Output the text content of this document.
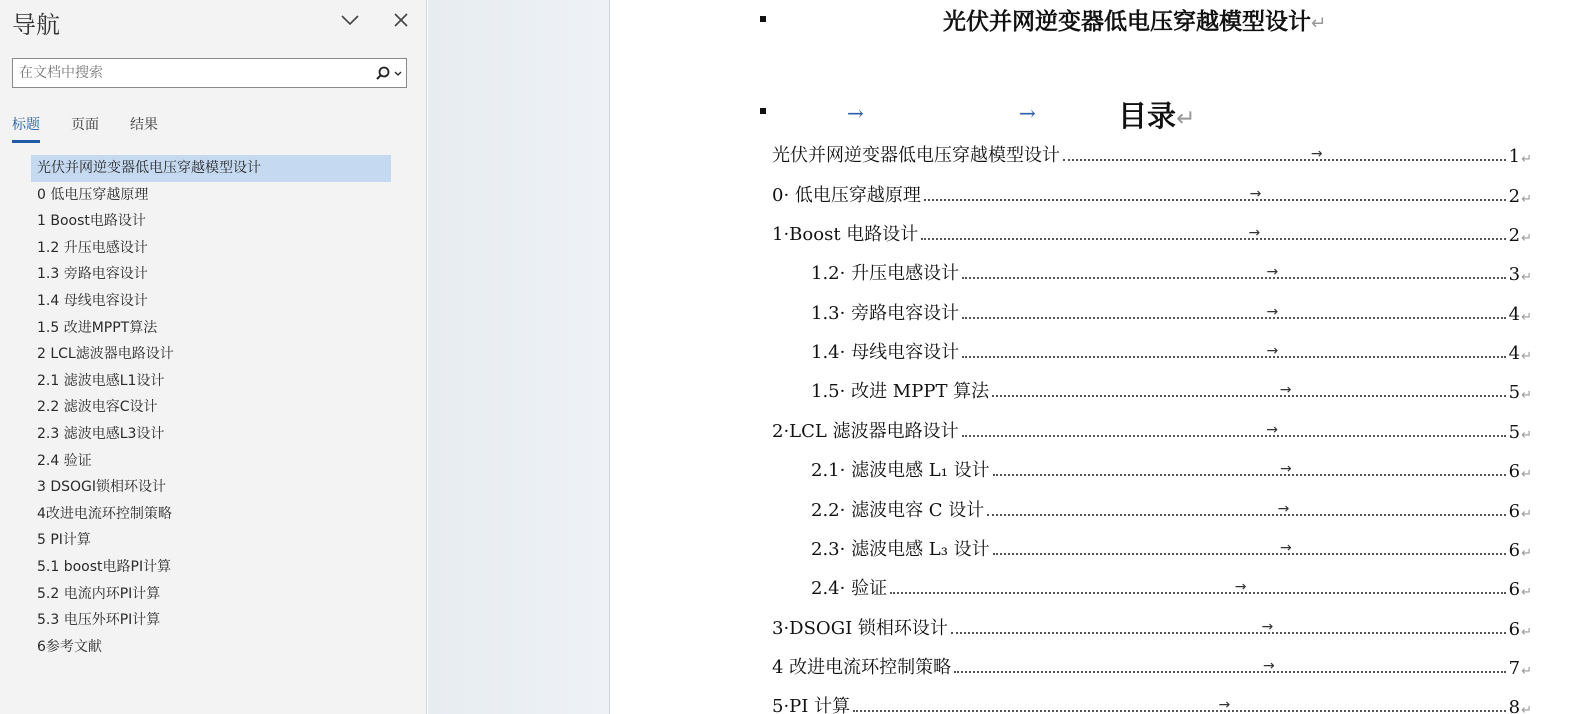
导航
在文档中搜索
标题 页面 结果
光伏并网逆变器低电压穿越模型设计
0 低电压穿越原理
1 Boost电路设计
1.2 升压电感设计
1.3 旁路电容设计
1.4 母线电容设计
1.5 改进MPPT算法
2 LCL滤波器电路设计
2.1 滤波电感L1设计
2.2 滤波电容C设计
2.3 滤波电感L3设计
2.4 验证
3 DSOGI锁相环设计
4改进电流环控制策略
5 PI计算
5.1 boost电路PI计算
5.2 电流内环PI计算
5.3 电压外环PI计算
6参考文献
光伏并网逆变器低电压穿越模型设计↵
→	→	目录↵
光伏并网逆变器低电压穿越模型设计 →	1 ↵
0· 低电压穿越原理 →	2 ↵
1·Boost 电路设计 →	2 ↵
1.2· 升压电感设计 →	3 ↵
1.3· 旁路电容设计 →	4 ↵
1.4· 母线电容设计 →	4 ↵
1.5· 改进 MPPT 算法 →	5 ↵
2·LCL 滤波器电路设计 →	5 ↵
2.1· 滤波电感 L₁ 设计 →	6 ↵
2.2· 滤波电容 C 设计 →	6 ↵
2.3· 滤波电感 L₃ 设计 →	6 ↵
2.4· 验证 →	6 ↵
3·DSOGI 锁相环设计 →	6 ↵
4 改进电流环控制策略 →	7 ↵
5·PI 计算 →	8 ↵
